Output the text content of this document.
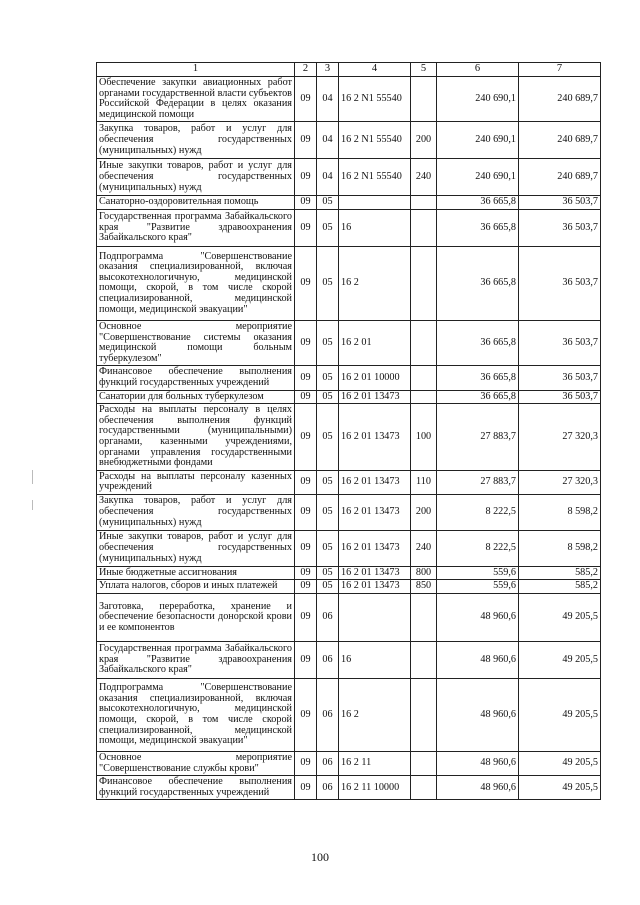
1	2	3	4	5	6	7
Обеспечение закупки авиационных работ органами государственной власти субъектов Российской Федерации в целях оказания медицинской помощи	09	04	16 2 N1 55540		240 690,1	240 689,7
Закупка товаров, работ и услуг для обеспечения государственных (муниципальных) нужд	09	04	16 2 N1 55540	200	240 690,1	240 689,7
Иные закупки товаров, работ и услуг для обеспечения государственных (муниципальных) нужд	09	04	16 2 N1 55540	240	240 690,1	240 689,7
Санаторно-оздоровительная помощь	09	05			36 665,8	36 503,7
Государственная программа Забайкальского края "Развитие здравоохранения Забайкальского края"	09	05	16		36 665,8	36 503,7
Подпрограмма "Совершенствование оказания специализированной, включая высокотехнологичную, медицинской помощи, скорой, в том числе скорой специализированной, медицинской помощи, медицинской эвакуации"	09	05	16 2		36 665,8	36 503,7
Основное мероприятие "Совершенствование системы оказания медицинской помощи больным туберкулезом"	09	05	16 2 01		36 665,8	36 503,7
Финансовое обеспечение выполнения функций государственных учреждений	09	05	16 2 01 10000		36 665,8	36 503,7
Санатории для больных туберкулезом	09	05	16 2 01 13473		36 665,8	36 503,7
Расходы на выплаты персоналу в целях обеспечения выполнения функций государственными (муниципальными) органами, казенными учреждениями, органами управления государственными внебюджетными фондами	09	05	16 2 01 13473	100	27 883,7	27 320,3
Расходы на выплаты персоналу казенных учреждений	09	05	16 2 01 13473	110	27 883,7	27 320,3
Закупка товаров, работ и услуг для обеспечения государственных (муниципальных) нужд	09	05	16 2 01 13473	200	8 222,5	8 598,2
Иные закупки товаров, работ и услуг для обеспечения государственных (муниципальных) нужд	09	05	16 2 01 13473	240	8 222,5	8 598,2
Иные бюджетные ассигнования	09	05	16 2 01 13473	800	559,6	585,2
Уплата налогов, сборов и иных платежей	09	05	16 2 01 13473	850	559,6	585,2
Заготовка, переработка, хранение и обеспечение безопасности донорской крови и ее компонентов	09	06			48 960,6	49 205,5
Государственная программа Забайкальского края "Развитие здравоохранения Забайкальского края"	09	06	16		48 960,6	49 205,5
Подпрограмма "Совершенствование оказания специализированной, включая высокотехнологичную, медицинской помощи, скорой, в том числе скорой специализированной, медицинской помощи, медицинской эвакуации"	09	06	16 2		48 960,6	49 205,5
Основное мероприятие "Совершенствование службы крови"	09	06	16 2 11		48 960,6	49 205,5
Финансовое обеспечение выполнения функций государственных учреждений	09	06	16 2 11 10000		48 960,6	49 205,5
100
